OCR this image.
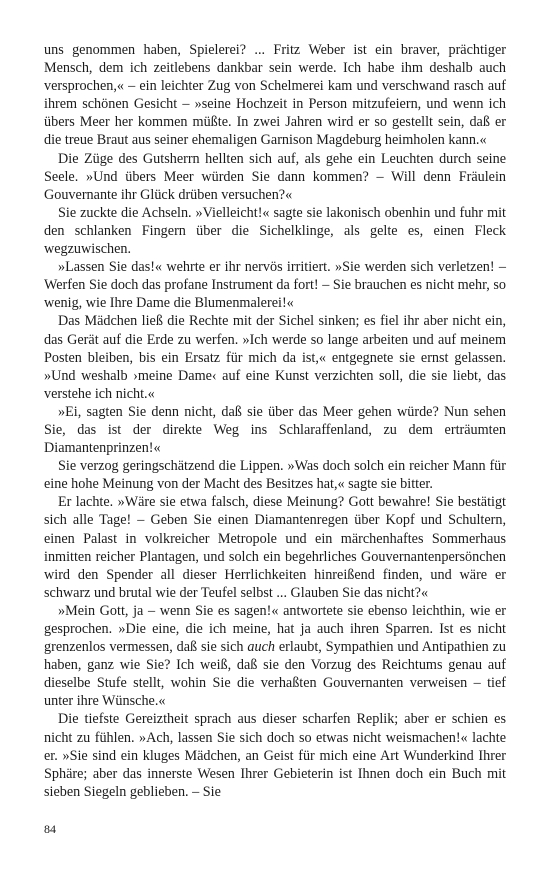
uns genommen haben, Spielerei? ... Fritz Weber ist ein braver, prächtiger Mensch, dem ich zeitlebens dankbar sein werde. Ich habe ihm deshalb auch versprochen,« – ein leichter Zug von Schelmerei kam und verschwand rasch auf ihrem schönen Gesicht – »seine Hochzeit in Person mitzufeiern, und wenn ich übers Meer her kommen müßte. In zwei Jahren wird er so gestellt sein, daß er die treue Braut aus seiner ehemaligen Garnison Magdeburg heimholen kann.«

Die Züge des Gutsherrn hellten sich auf, als gehe ein Leuchten durch seine Seele. »Und übers Meer würden Sie dann kommen? – Will denn Fräulein Gouvernante ihr Glück drüben versuchen?«

Sie zuckte die Achseln. »Vielleicht!« sagte sie lakonisch obenhin und fuhr mit den schlanken Fingern über die Sichelklinge, als gelte es, einen Fleck wegzuwischen.

»Lassen Sie das!« wehrte er ihr nervös irritiert. »Sie werden sich verletzen! – Werfen Sie doch das profane Instrument da fort! – Sie brauchen es nicht mehr, so wenig, wie Ihre Dame die Blumenmalerei!«

Das Mädchen ließ die Rechte mit der Sichel sinken; es fiel ihr aber nicht ein, das Gerät auf die Erde zu werfen. »Ich werde so lange arbeiten und auf meinem Posten bleiben, bis ein Ersatz für mich da ist,« entgegnete sie ernst gelassen. »Und weshalb ›meine Dame‹ auf eine Kunst verzichten soll, die sie liebt, das verstehe ich nicht.«

»Ei, sagten Sie denn nicht, daß sie über das Meer gehen würde? Nun sehen Sie, das ist der direkte Weg ins Schlaraffenland, zu dem erträumten Diamantenprinzen!«

Sie verzog geringschätzend die Lippen. »Was doch solch ein reicher Mann für eine hohe Meinung von der Macht des Besitzes hat,« sagte sie bitter.

Er lachte. »Wäre sie etwa falsch, diese Meinung? Gott bewahre! Sie bestätigt sich alle Tage! – Geben Sie einen Diamantenregen über Kopf und Schultern, einen Palast in volkreicher Metropole und ein märchenhaftes Sommerhaus inmitten reicher Plantagen, und solch ein begehrliches Gouvernantenpersönchen wird den Spender all dieser Herrlichkeiten hinreißend finden, und wäre er schwarz und brutal wie der Teufel selbst ... Glauben Sie das nicht?«

»Mein Gott, ja – wenn Sie es sagen!« antwortete sie ebenso leichthin, wie er gesprochen. »Die eine, die ich meine, hat ja auch ihren Sparren. Ist es nicht grenzenlos vermessen, daß sie sich auch erlaubt, Sympathien und Antipathien zu haben, ganz wie Sie? Ich weiß, daß sie den Vorzug des Reichtums genau auf dieselbe Stufe stellt, wohin Sie die verhaßten Gouvernanten verweisen – tief unter ihre Wünsche.«

Die tiefste Gereiztheit sprach aus dieser scharfen Replik; aber er schien es nicht zu fühlen. »Ach, lassen Sie sich doch so etwas nicht weismachen!« lachte er. »Sie sind ein kluges Mädchen, an Geist für mich eine Art Wunderkind Ihrer Sphäre; aber das innerste Wesen Ihrer Gebieterin ist Ihnen doch ein Buch mit sieben Siegeln geblieben. – Sie

84
